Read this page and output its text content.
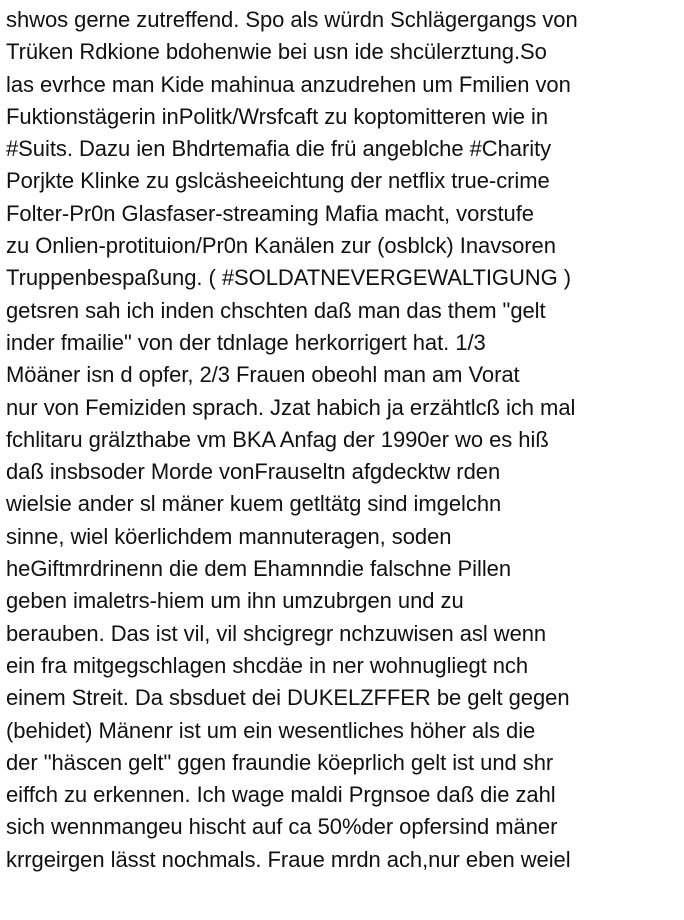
shwos gerne zutreffend. Spo als würdn Schlägergangs von
Trüken Rdkione bdohenwie bei usn ide shcülerztung.So
las evrhce man Kide mahinua anzudrehen um Fmilien von
Fuktionstägerin inPolitk/Wrsfcaft zu koptomitteren wie in
#Suits. Dazu ien Bhdrtemafia die frü angeblche #Charity
Porjkte Klinke zu gslcäsheeichtung der netflix true-crime
Folter-Pr0n Glasfaser-streaming Mafia macht, vorstufe
zu Onlien-protituion/Pr0n Kanälen zur (osblck) Inavsoren
Truppenbespaßung. ( #SOLDATNEVERGEWALTIGUNG )
getsren sah ich inden chschten daß man das them "gelt
inder fmailie" von der tdnlage herkorrigert hat. 1/3
Möäner isn d opfer, 2/3 Frauen obeohl man am Vorat
nur von Femiziden sprach. Jzat habich ja erzähtlcß ich mal
fchlitaru grälzthabe vm BKA Anfag der 1990er wo es hiß
daß insbsoder Morde vonFrauseltn afgdecktw rden
wielsie ander sl mäner kuem getltätg sind imgelchn
sinne, wiel köerlichdem mannuteragen, soden
heGiftmrdrinenn die dem Ehamnndie falschne Pillen
geben imaletrs-hiem um ihn umzubrgen und zu
berauben. Das ist vil, vil shcigregr nchzuwisen asl wenn
ein fra mitgegschlagen shcdäe in ner wohnugliegt nch
einem Streit. Da sbsduet dei DUKELZFFER be gelt gegen
(behidet) Mänenr ist um ein wesentliches höher als die
der "häscen gelt" ggen fraundie köeprlich gelt ist und shr
eiffch zu erkennen. Ich wage maldi Prgnsoe daß die zahl
sich wennmangeu hischt auf ca 50%der opfersind mäner
krrgeirgen lässt nochmals. Fraue mrdn ach,nur eben weiel
